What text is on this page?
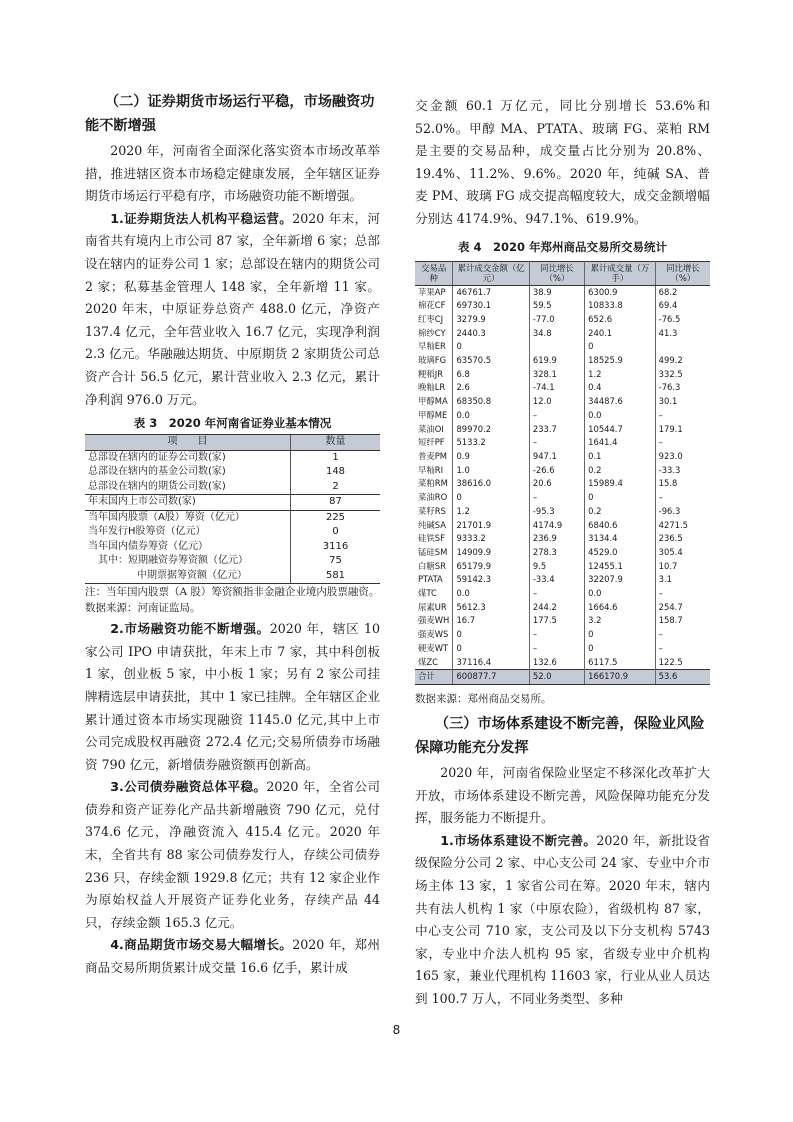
（二）证券期货市场运行平稳，市场融资功能不断增强

2020 年，河南省全面深化落实资本市场改革举措，推进辖区资本市场稳定健康发展，全年辖区证券期货市场运行平稳有序，市场融资功能不断增强。

1.证券期货法人机构平稳运营。2020 年末，河南省共有境内上市公司 87 家，全年新增 6 家；总部设在辖内的证券公司 1 家；总部设在辖内的期货公司 2 家；私募基金管理人 148 家，全年新增 11 家。2020 年末，中原证券总资产 488.0 亿元，净资产 137.4 亿元，全年营业收入 16.7 亿元，实现净利润 2.3 亿元。华融融达期货、中原期货 2 家期货公司总资产合计 56.5 亿元，累计营业收入 2.3 亿元，累计净利润 976.0 万元。

表 3　2020 年河南省证券业基本情况

项　　目	数量
总部设在辖内的证券公司数(家)	1
总部设在辖内的基金公司数(家)	148
总部设在辖内的期货公司数(家)	2
年末国内上市公司数(家)	87
当年国内股票（A股）筹资（亿元）	225
当年发行H股筹资（亿元）	0
当年国内债券筹资（亿元）	3116
其中：短期融资券筹资额（亿元）	75
中期票据筹资额（亿元）	581

注：当年国内股票（A 股）筹资额指非金融企业境内股票融资。

数据来源：河南证监局。

2.市场融资功能不断增强。2020 年，辖区 10 家公司 IPO 申请获批，年末上市 7 家，其中科创板 1 家，创业板 5 家，中小板 1 家；另有 2 家公司挂牌精选层申请获批，其中 1 家已挂牌。全年辖区企业累计通过资本市场实现融资 1145.0 亿元,其中上市公司完成股权再融资 272.4 亿元;交易所债券市场融资 790 亿元，新增债券融资额再创新高。

3.公司债券融资总体平稳。2020 年，全省公司债券和资产证券化产品共新增融资 790 亿元，兑付 374.6 亿元，净融资流入 415.4 亿元。2020 年末，全省共有 88 家公司债券发行人，存续公司债券 236 只，存续金额 1929.8 亿元；共有 12 家企业作为原始权益人开展资产证券化业务，存续产品 44 只，存续金额 165.3 亿元。

4.商品期货市场交易大幅增长。2020 年，郑州商品交易所期货累计成交量 16.6 亿手，累计成

交金额 60.1 万亿元，同比分别增长 53.6%和 52.0%。甲醇 MA、PTATA、玻璃 FG、菜粕 RM 是主要的交易品种，成交量占比分别为 20.8%、19.4%、11.2%、9.6%。2020 年，纯碱 SA、普麦 PM、玻璃 FG 成交提高幅度较大，成交金额增幅分别达 4174.9%、947.1%、619.9%。

表 4　2020 年郑州商品交易所交易统计

交易品种	累计成交金额（亿元）	同比增长（%）	累计成交量（万手）	同比增长（%）
苹果AP	46761.7	38.9	6300.9	68.2
棉花CF	69730.1	59.5	10833.8	69.4
红枣CJ	3279.9	-77.0	652.6	-76.5
棉纱CY	2440.3	34.8	240.1	41.3
早籼ER	0		0	
玻璃FG	63570.5	619.9	18525.9	499.2
粳稻JR	6.8	328.1	1.2	332.5
晚籼LR	2.6	-74.1	0.4	-76.3
甲醇MA	68350.8	12.0	34487.6	30.1
甲醇ME	0.0	–	0.0	–
菜油OI	89970.2	233.7	10544.7	179.1
短纤PF	5133.2	–	1641.4	–
普麦PM	0.9	947.1	0.1	923.0
早籼RI	1.0	-26.6	0.2	-33.3
菜粕RM	38616.0	20.6	15989.4	15.8
菜油RO	0	–	0	–
菜籽RS	1.2	-95.3	0.2	-96.3
纯碱SA	21701.9	4174.9	6840.6	4271.5
硅铁SF	9333.2	236.9	3134.4	236.5
锰硅SM	14909.9	278.3	4529.0	305.4
白糖SR	65179.9	9.5	12455.1	10.7
PTATA	59142.3	-33.4	32207.9	3.1
煤TC	0.0	–	0.0	–
尿素UR	5612.3	244.2	1664.6	254.7
强麦WH	16.7	177.5	3.2	158.7
强麦WS	0	–	0	–
硬麦WT	0	–	0	–
煤ZC	37116.4	132.6	6117.5	122.5
合计	600877.7	52.0	166170.9	53.6

数据来源：郑州商品交易所。

（三）市场体系建设不断完善，保险业风险保障功能充分发挥

2020 年，河南省保险业坚定不移深化改革扩大开放，市场体系建设不断完善，风险保障功能充分发挥，服务能力不断提升。

1.市场体系建设不断完善。2020 年，新批设省级保险分公司 2 家、中心支公司 24 家、专业中介市场主体 13 家，1 家省公司在筹。2020 年末，辖内共有法人机构 1 家（中原农险），省级机构 87 家，中心支公司 710 家，支公司及以下分支机构 5743 家，专业中介法人机构 95 家，省级专业中介机构 165 家，兼业代理机构 11603 家，行业从业人员达到 100.7 万人，不同业务类型、多种

8
